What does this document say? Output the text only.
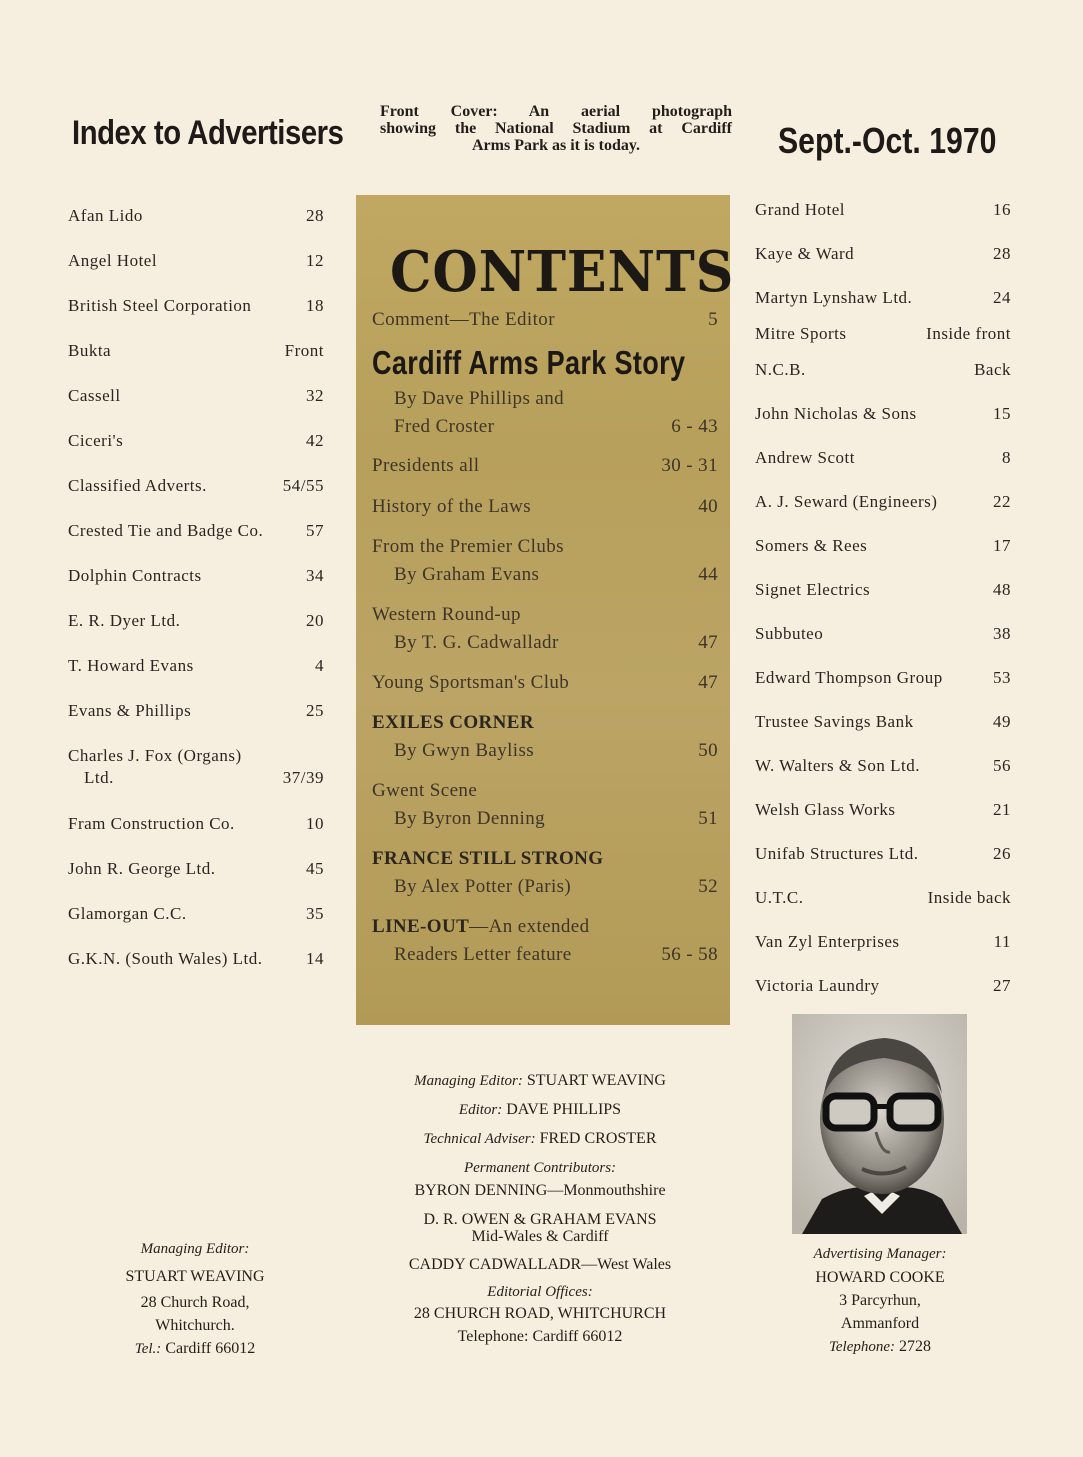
Index to Advertisers
Front Cover: An aerial photograph
showing the National Stadium at Cardiff
Arms Park as it is today.	Sept.-Oct. 1970
Afan Lido	28
Angel Hotel	12
British Steel Corporation	18
Bukta	Front
Cassell	32
Ciceri's	42
Classified Adverts.	54/55
Crested Tie and Badge Co.	57
Dolphin Contracts	34
E. R. Dyer Ltd.	20
T. Howard Evans	4
Evans & Phillips	25
Charles J. Fox (Organs)
Ltd.	37/39
Fram Construction Co.	10
John R. George Ltd.	45
Glamorgan C.C.	35
G.K.N. (South Wales) Ltd.	14
CONTENTS
Comment—The Editor	5
Cardiff Arms Park Story
By Dave Phillips and
Fred Croster	6 - 43
Presidents all	30 - 31
History of the Laws	40
From the Premier Clubs
By Graham Evans	44
Western Round-up
By T. G. Cadwalladr	47
Young Sportsman's Club	47
EXILES CORNER
By Gwyn Bayliss	50
Gwent Scene
By Byron Denning	51
FRANCE STILL STRONG
By Alex Potter (Paris)	52
LINE-OUT—An extended
Readers Letter feature	56 - 58
Grand Hotel	16
Kaye & Ward	28
Martyn Lynshaw Ltd.	24
Mitre Sports	Inside front
N.C.B.	Back
John Nicholas & Sons	15
Andrew Scott	8
A. J. Seward (Engineers)	22
Somers & Rees	17
Signet Electrics	48
Subbuteo	38
Edward Thompson Group	53
Trustee Savings Bank	49
W. Walters & Son Ltd.	56
Welsh Glass Works	21
Unifab Structures Ltd.	26
U.T.C.	Inside back
Van Zyl Enterprises	11
Victoria Laundry	27
Managing Editor: STUART WEAVING
Editor: DAVE PHILLIPS
Technical Adviser: FRED CROSTER
Permanent Contributors:
BYRON DENNING—Monmouthshire
D. R. OWEN & GRAHAM EVANS
Mid-Wales & Cardiff
CADDY CADWALLADR—West Wales
Editorial Offices:
28 CHURCH ROAD, WHITCHURCH
Telephone: Cardiff 66012
Managing Editor:
STUART WEAVING
28 Church Road,
Whitchurch.
Tel.: Cardiff 66012
Advertising Manager:
HOWARD COOKE
3 Parcyrhun,
Ammanford
Telephone: 2728
